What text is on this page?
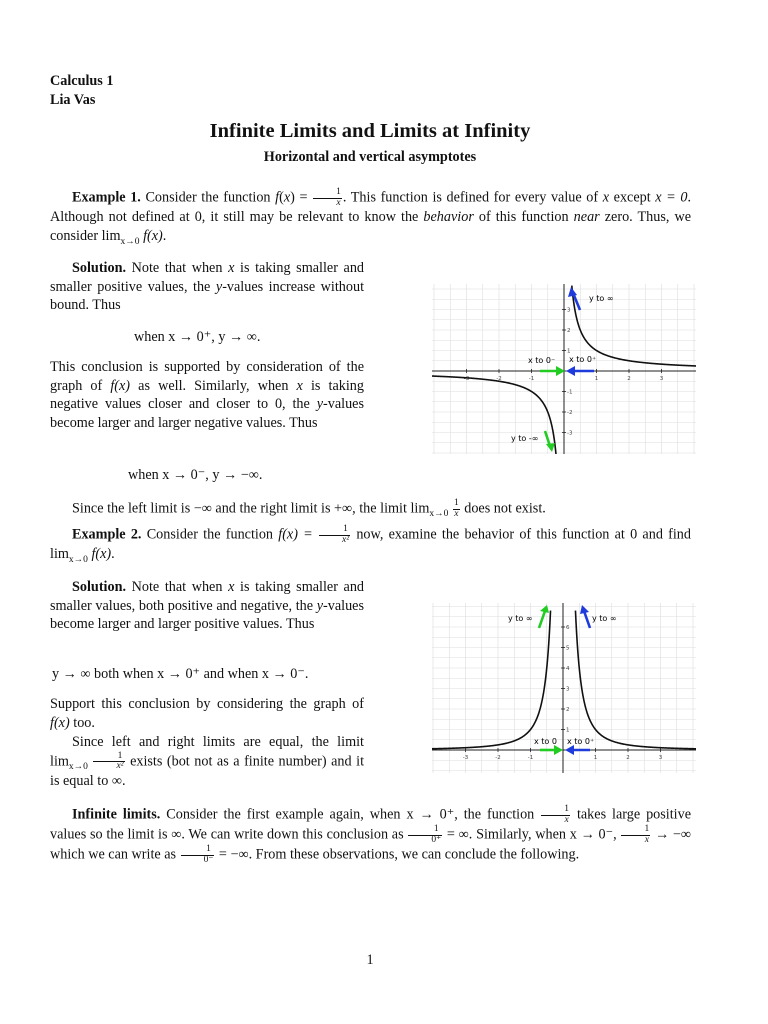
Calculus 1
Lia Vas
Infinite Limits and Limits at Infinity
Horizontal and vertical asymptotes
Example 1. Consider the function $f(x) = \frac{1}{x}$ . This function is defined for every value of x except x = 0. Although not defined at 0, it still may be relevant to know the behavior of this function near zero. Thus, we consider $\lim_{x\to 0} f(x)$.
Solution. Note that when x is taking smaller and smaller positive values, the y-values increase without bound. Thus
when x → 0⁺, y → ∞.
This conclusion is supported by consideration of the graph of f(x) as well. Similarly, when x is taking negative values closer and closer to 0, the y-values become larger and larger negative values. Thus
when x → 0⁻, y → −∞.
Since the left limit is −∞ and the right limit is +∞, the limit $\lim_{x\to 0} \frac{1}{x}$ does not exist.
-3	-2	-1	1	2	3
3
2
1
-1
-2
-3
y to ∞
x to 0⁻ x to 0⁺
y to -∞
Example 2. Consider the function $f(x) = \frac{1}{\text{x²}}$ now, examine the behavior of this function at 0 and find $\lim_{x\to 0} f(x)$.
Solution. Note that when x is taking smaller and smaller values, both positive and negative, the y-values become larger and larger positive values. Thus
y → ∞ both when x → 0⁺ and when x → 0⁻.
Support this conclusion by considering the graph of f(x) too.
Since left and right limits are equal, the limit $\lim_{x\to 0} \frac{1}{\text{x²}}$ exists (bot not as a finite number) and it is equal to ∞.
-3	-2	-1	1	2	3
6
5
4
3
2
1
y to ∞	y to ∞
x to 0 x to 0⁺
Infinite limits. Consider the first example again, when x → 0⁺, the function $\frac{1}{x}$ takes large positive values so the limit is ∞. We can write down this conclusion as $\frac{1}{0^+}$ = ∞. Similarly, when x → 0⁻, $\frac{1}{x}$ → −∞ which we can write as $\frac{1}{0^-}$ = −∞. From these observations, we can conclude the following.
1
